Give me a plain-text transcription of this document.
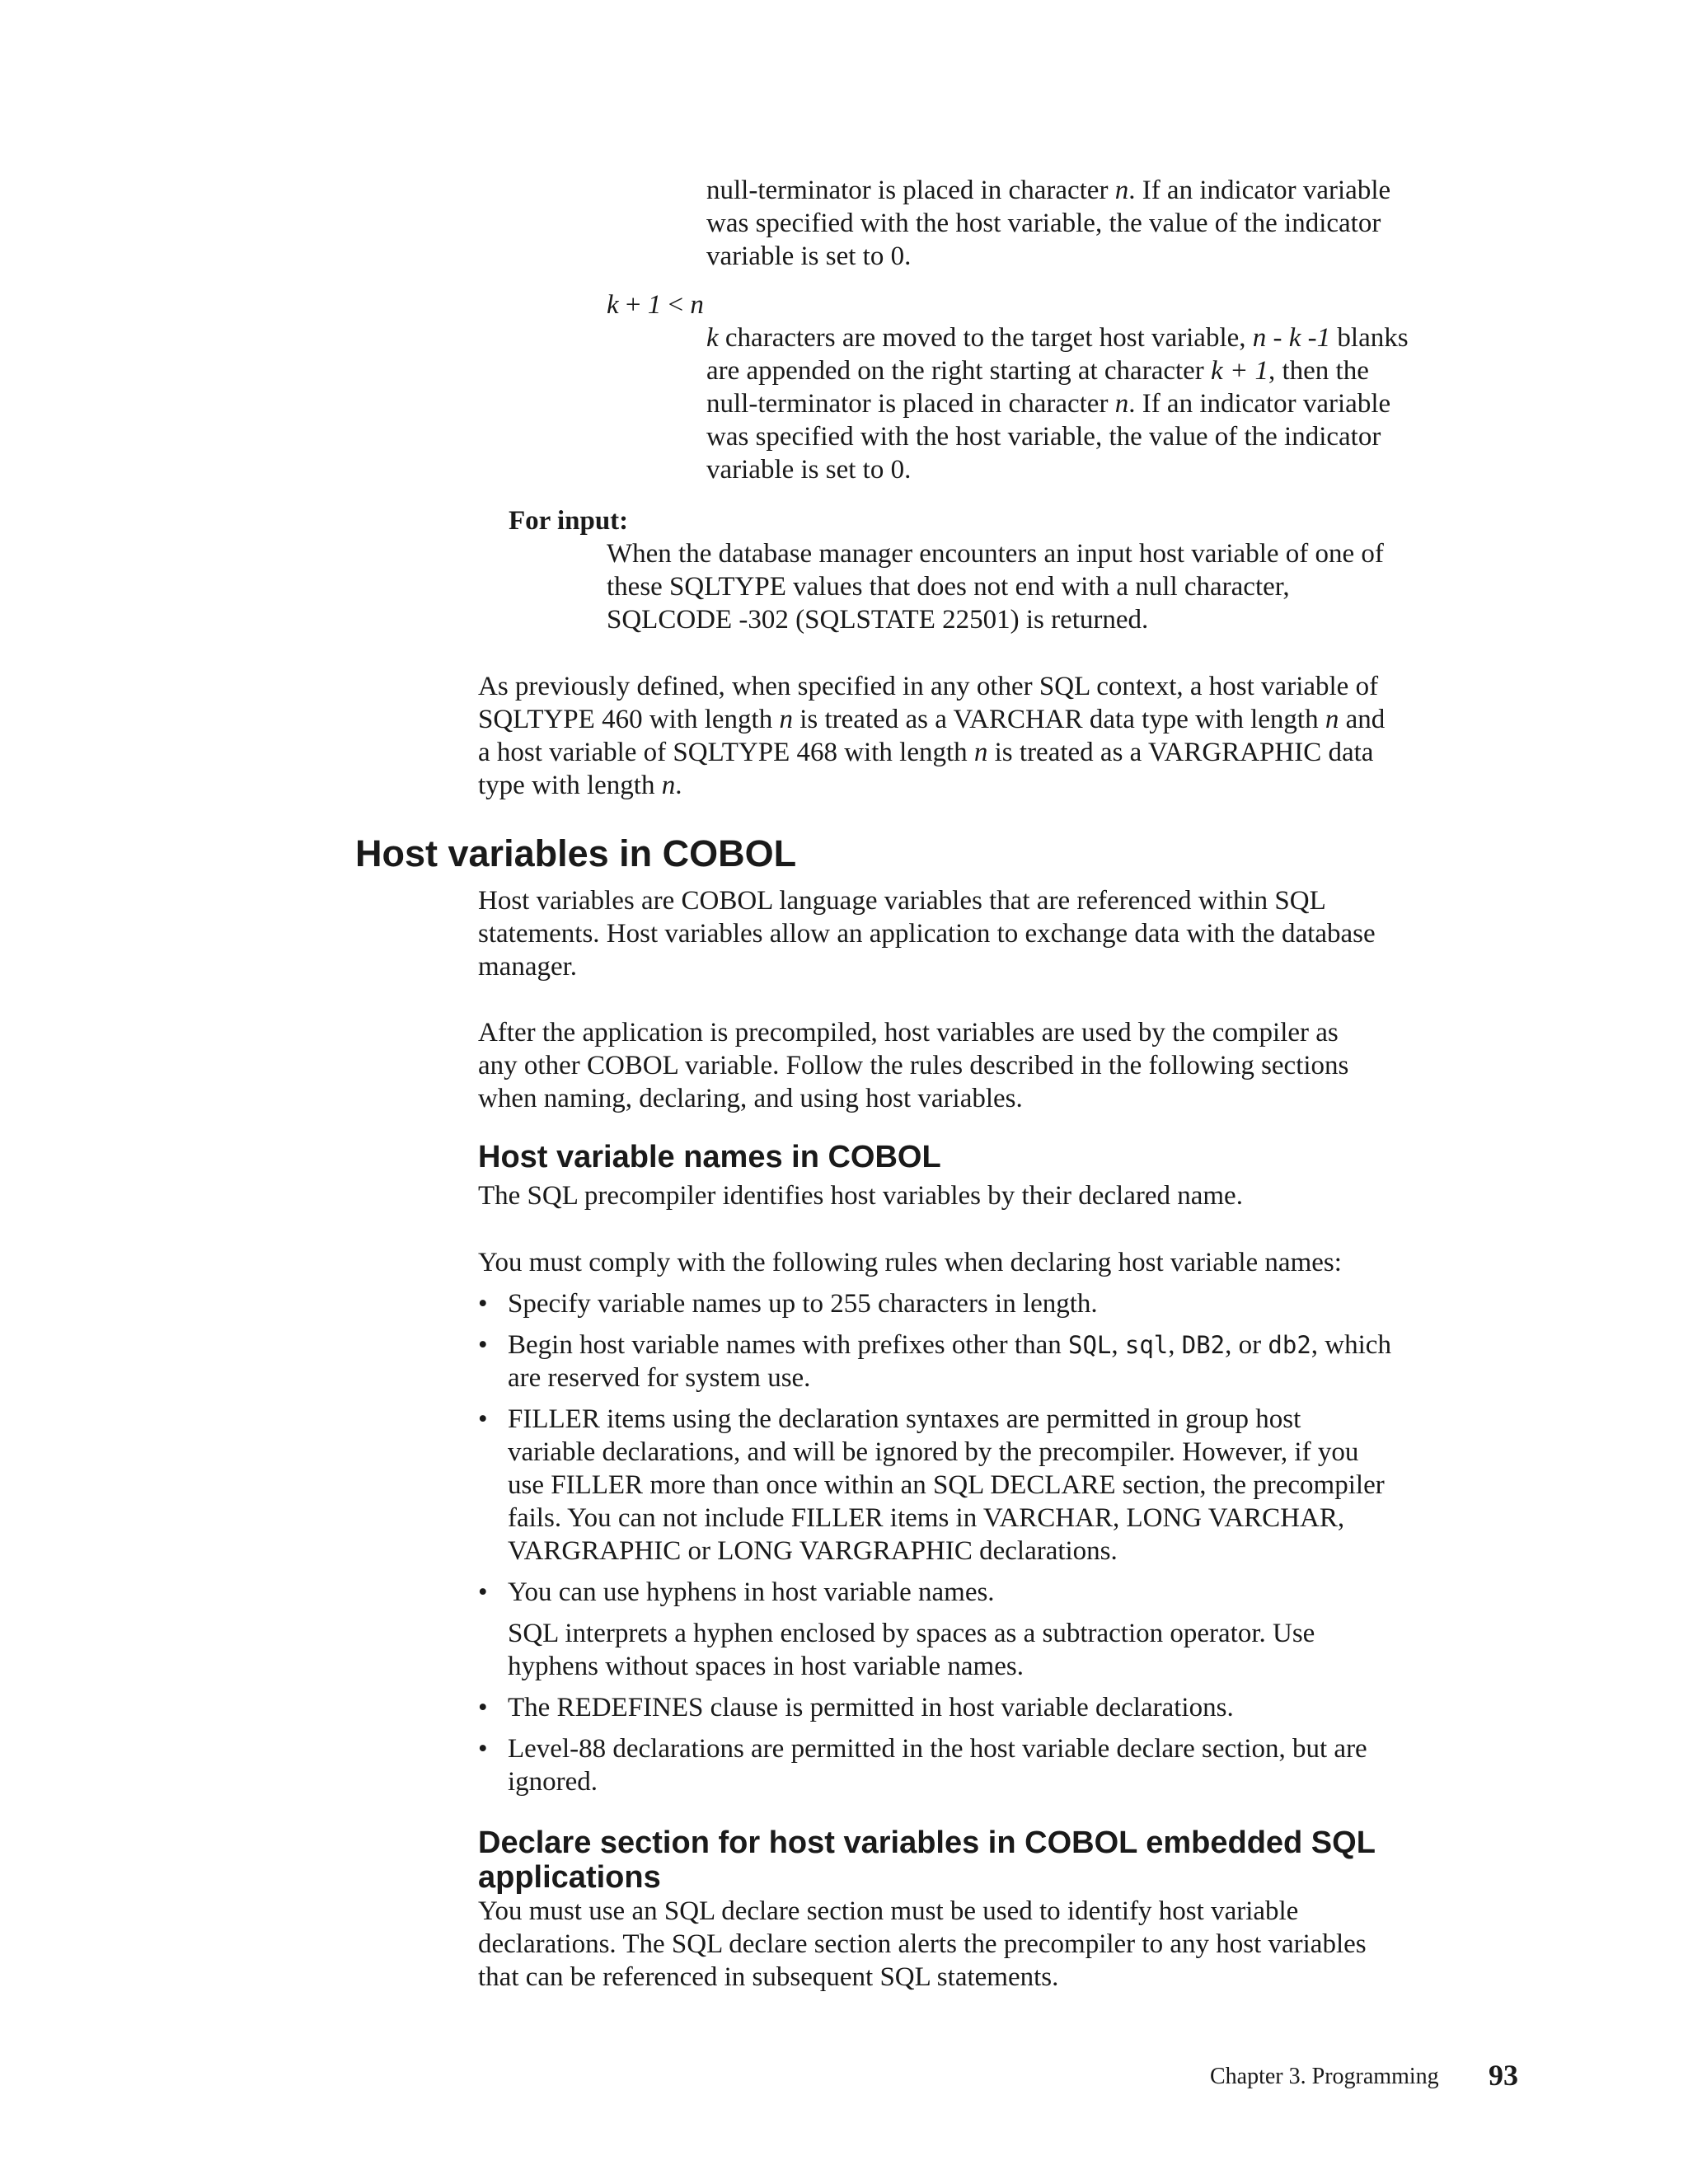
null-terminator is placed in character n. If an indicator variable
was specified with the host variable, the value of the indicator
variable is set to 0.
k + 1 < n
k characters are moved to the target host variable, n - k -1 blanks
are appended on the right starting at character k + 1, then the
null-terminator is placed in character n. If an indicator variable
was specified with the host variable, the value of the indicator
variable is set to 0.
For input:
When the database manager encounters an input host variable of one of
these SQLTYPE values that does not end with a null character,
SQLCODE -302 (SQLSTATE 22501) is returned.
As previously defined, when specified in any other SQL context, a host variable of
SQLTYPE 460 with length n is treated as a VARCHAR data type with length n and
a host variable of SQLTYPE 468 with length n is treated as a VARGRAPHIC data
type with length n.
Host variables in COBOL
Host variables are COBOL language variables that are referenced within SQL
statements. Host variables allow an application to exchange data with the database
manager.
After the application is precompiled, host variables are used by the compiler as
any other COBOL variable. Follow the rules described in the following sections
when naming, declaring, and using host variables.
Host variable names in COBOL
The SQL precompiler identifies host variables by their declared name.
You must comply with the following rules when declaring host variable names:
• Specify variable names up to 255 characters in length.
• Begin host variable names with prefixes other than SQL, sql, DB2, or db2, which
are reserved for system use.
• FILLER items using the declaration syntaxes are permitted in group host
variable declarations, and will be ignored by the precompiler. However, if you
use FILLER more than once within an SQL DECLARE section, the precompiler
fails. You can not include FILLER items in VARCHAR, LONG VARCHAR,
VARGRAPHIC or LONG VARGRAPHIC declarations.
• You can use hyphens in host variable names.
SQL interprets a hyphen enclosed by spaces as a subtraction operator. Use
hyphens without spaces in host variable names.
• The REDEFINES clause is permitted in host variable declarations.
• Level-88 declarations are permitted in the host variable declare section, but are
ignored.
Declare section for host variables in COBOL embedded SQL
applications
You must use an SQL declare section must be used to identify host variable
declarations. The SQL declare section alerts the precompiler to any host variables
that can be referenced in subsequent SQL statements.
Chapter 3. Programming 93
